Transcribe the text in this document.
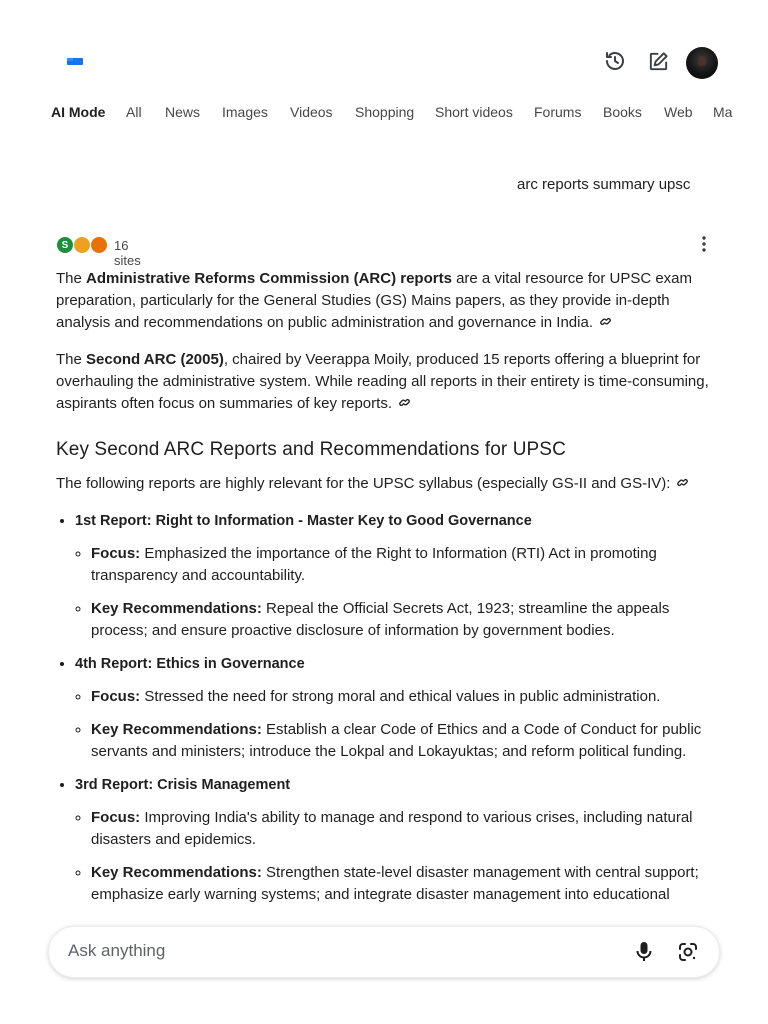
AI Mode All News Images Videos Shopping Short videos Forums Books Web Ma
arc reports summary upsc
S	16 sites

The Administrative Reforms Commission (ARC) reports are a vital resource for UPSC exam preparation, particularly for the General Studies (GS) Mains papers, as they provide in-depth analysis and recommendations on public administration and governance in India.

The Second ARC (2005), chaired by Veerappa Moily, produced 15 reports offering a blueprint for overhauling the administrative system. While reading all reports in their entirety is time-consuming, aspirants often focus on summaries of key reports.

Key Second ARC Reports and Recommendations for UPSC

The following reports are highly relevant for the UPSC syllabus (especially GS-II and GS-IV):

• 1st Report: Right to Information - Master Key to Good Governance
◦ Focus: Emphasized the importance of the Right to Information (RTI) Act in promoting transparency and accountability.
◦ Key Recommendations: Repeal the Official Secrets Act, 1923; streamline the appeals process; and ensure proactive disclosure of information by government bodies.
• 4th Report: Ethics in Governance
◦ Focus: Stressed the need for strong moral and ethical values in public administration.
◦ Key Recommendations: Establish a clear Code of Ethics and a Code of Conduct for public servants and ministers; introduce the Lokpal and Lokayuktas; and reform political funding.
• 3rd Report: Crisis Management
◦ Focus: Improving India's ability to manage and respond to various crises, including natural disasters and epidemics.
◦ Key Recommendations: Strengthen state-level disaster management with central support; emphasize early warning systems; and integrate disaster management into educational
Ask anything
